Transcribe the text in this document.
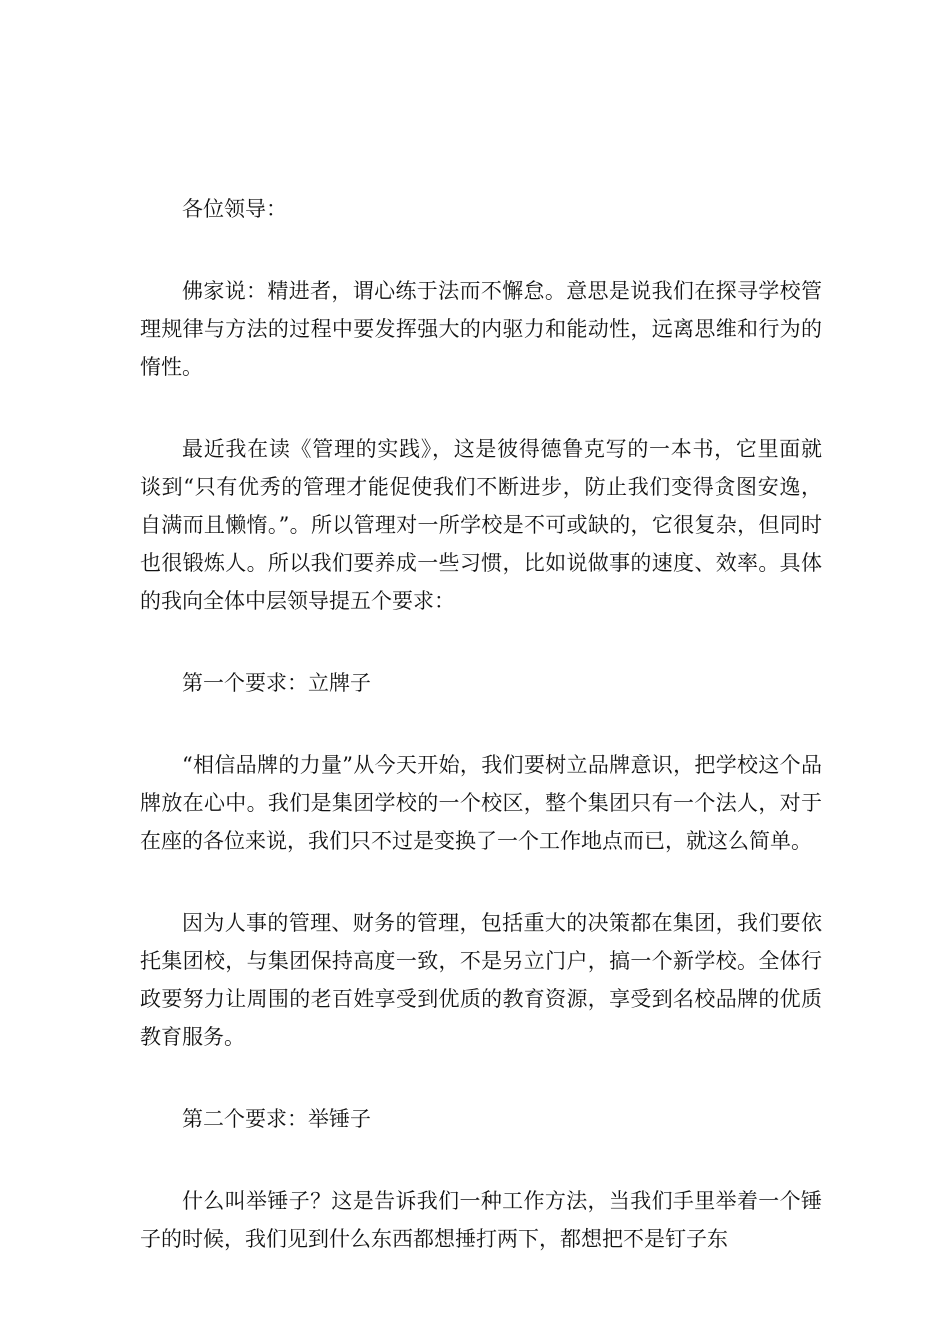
各位领导：

佛家说：精进者，谓心练于法而不懈怠。意思是说我们在探寻学校管理规律与方法的过程中要发挥强大的内驱力和能动性，远离思维和行为的惰性。

最近我在读《管理的实践》，这是彼得德鲁克写的一本书，它里面就谈到“只有优秀的管理才能促使我们不断进步，防止我们变得贪图安逸，自满而且懒惰。”。所以管理对一所学校是不可或缺的，它很复杂，但同时也很锻炼人。所以我们要养成一些习惯，比如说做事的速度、效率。具体的我向全体中层领导提五个要求：

第一个要求：立牌子

“相信品牌的力量”从今天开始，我们要树立品牌意识，把学校这个品牌放在心中。我们是集团学校的一个校区，整个集团只有一个法人，对于在座的各位来说，我们只不过是变换了一个工作地点而已，就这么简单。

因为人事的管理、财务的管理，包括重大的决策都在集团，我们要依托集团校，与集团保持高度一致，不是另立门户，搞一个新学校。全体行政要努力让周围的老百姓享受到优质的教育资源，享受到名校品牌的优质教育服务。

第二个要求：举锤子

什么叫举锤子？这是告诉我们一种工作方法，当我们手里举着一个锤子的时候，我们见到什么东西都想捶打两下，都想把不是钉子东
